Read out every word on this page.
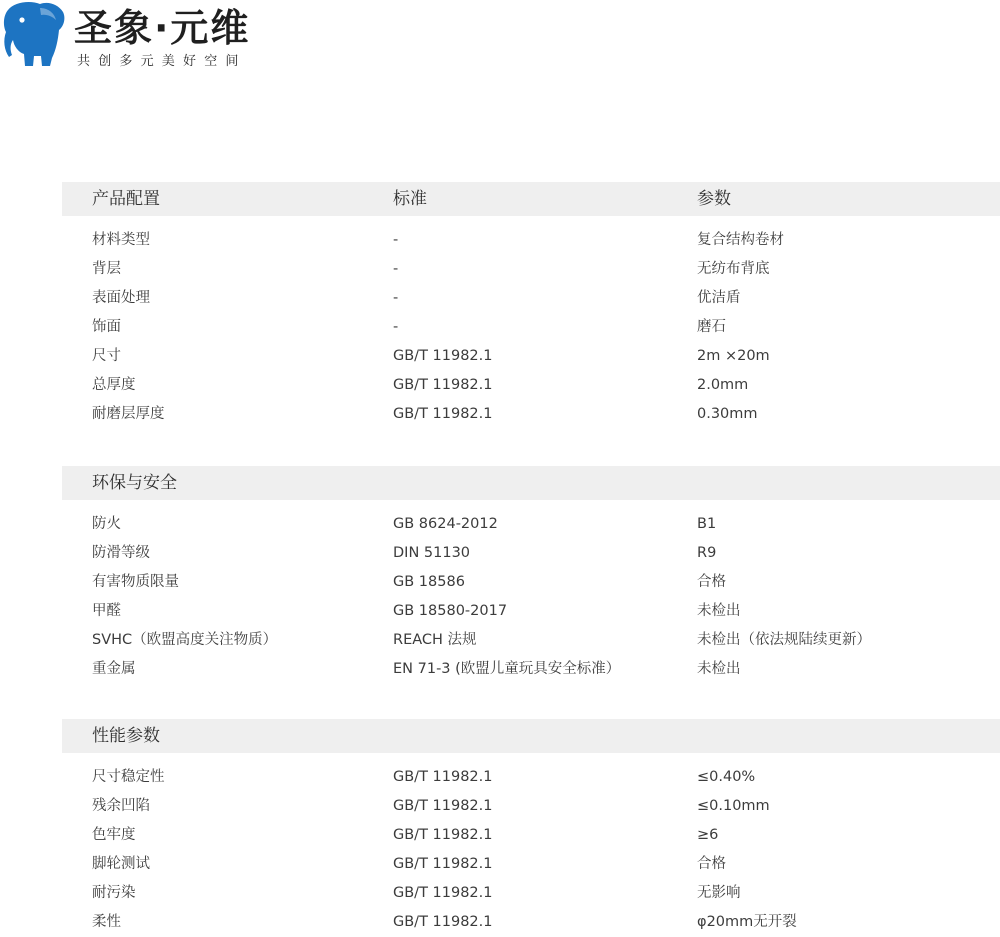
圣象·元维
共创多元美好空间
产品配置	标准	参数
材料类型	-	复合结构卷材
背层	-	无纺布背底
表面处理	-	优洁盾
饰面	-	磨石
尺寸	GB/T 11982.1	2m ×20m
总厚度	GB/T 11982.1	2.0mm
耐磨层厚度	GB/T 11982.1	0.30mm
环保与安全
防火	GB 8624-2012	B1
防滑等级	DIN 51130	R9
有害物质限量	GB 18586	合格
甲醛	GB 18580-2017	未检出
SVHC（欧盟高度关注物质）	REACH 法规	未检出（依法规陆续更新）
重金属	EN 71-3 (欧盟儿童玩具安全标准）	未检出
性能参数
尺寸稳定性	GB/T 11982.1	≤0.40%
残余凹陷	GB/T 11982.1	≤0.10mm
色牢度	GB/T 11982.1	≥6
脚轮测试	GB/T 11982.1	合格
耐污染	GB/T 11982.1	无影响
柔性	GB/T 11982.1	φ20mm无开裂
